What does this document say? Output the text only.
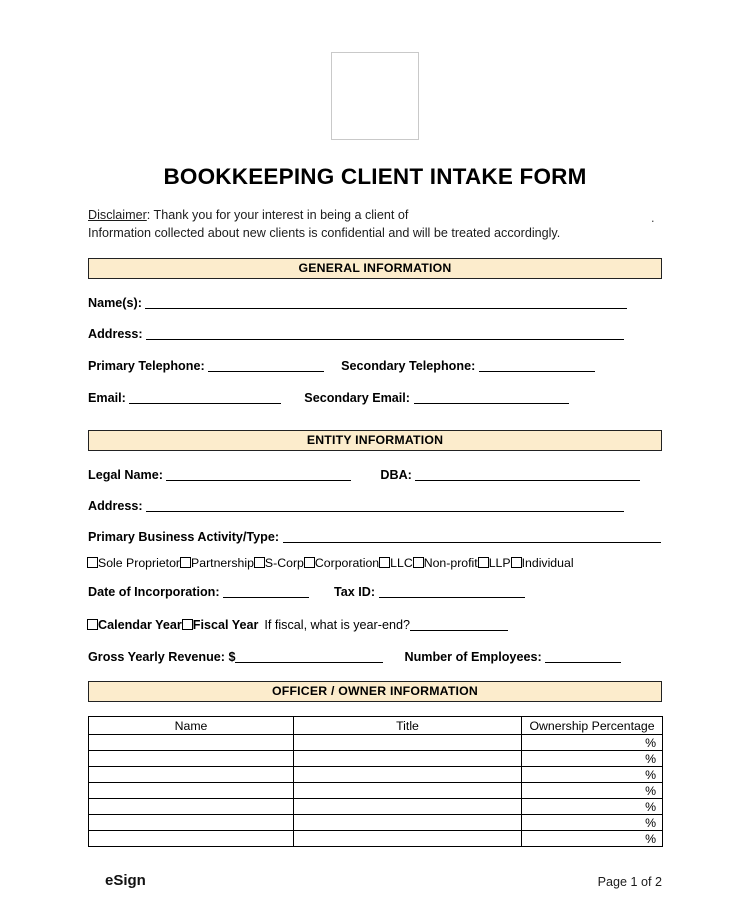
BOOKKEEPING CLIENT INTAKE FORM
Disclaimer: Thank you for your interest in being a client of
Information collected about new clients is confidential and will be treated accordingly.
.
GENERAL INFORMATION
Name(s):
Address:
Primary Telephone:	Secondary Telephone:
Email:	Secondary Email:
ENTITY INFORMATION
Legal Name:	DBA:
Address:
Primary Business Activity/Type:
Sole Proprietor Partnership S-Corp Corporation LLC Non-profit LLP Individual
Date of Incorporation:	Tax ID:
Calendar Year Fiscal Year If fiscal, what is year-end?
Gross Yearly Revenue: $	Number of Employees:
OFFICER / OWNER INFORMATION
Name	Title	Ownership Percentage
		%
		%
		%
		%
		%
		%
		%
eSign	Page 1 of 2
